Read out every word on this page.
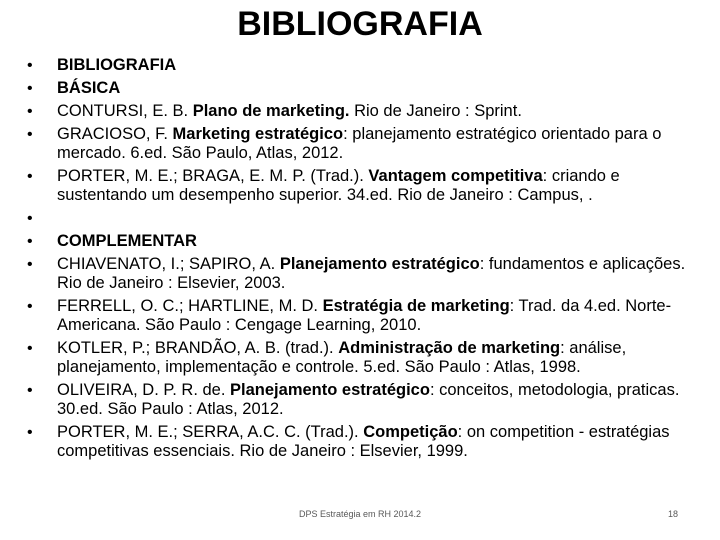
BIBLIOGRAFIA
• BIBLIOGRAFIA
• BÁSICA
• CONTURSI, E. B. Plano de marketing. Rio de Janeiro : Sprint.
• GRACIOSO, F. Marketing estratégico: planejamento estratégico orientado para o mercado. 6.ed. São Paulo, Atlas, 2012.
• PORTER, M. E.; BRAGA, E. M. P. (Trad.). Vantagem competitiva: criando e sustentando um desempenho superior. 34.ed. Rio de Janeiro : Campus, .
•
• COMPLEMENTAR
• CHIAVENATO, I.; SAPIRO, A. Planejamento estratégico: fundamentos e aplicações. Rio de Janeiro : Elsevier, 2003.
• FERRELL, O. C.; HARTLINE, M. D. Estratégia de marketing: Trad. da 4.ed. Norte-Americana. São Paulo : Cengage Learning, 2010.
• KOTLER, P.; BRANDÃO, A. B. (trad.). Administração de marketing: análise, planejamento, implementação e controle. 5.ed. São Paulo : Atlas, 1998.
• OLIVEIRA, D. P. R. de. Planejamento estratégico: conceitos, metodologia, praticas. 30.ed. São Paulo : Atlas, 2012.
• PORTER, M. E.; SERRA, A.C. C. (Trad.). Competição: on competition - estratégias competitivas essenciais. Rio de Janeiro : Elsevier, 1999.
DPS Estratégia em RH 2014.2	18
